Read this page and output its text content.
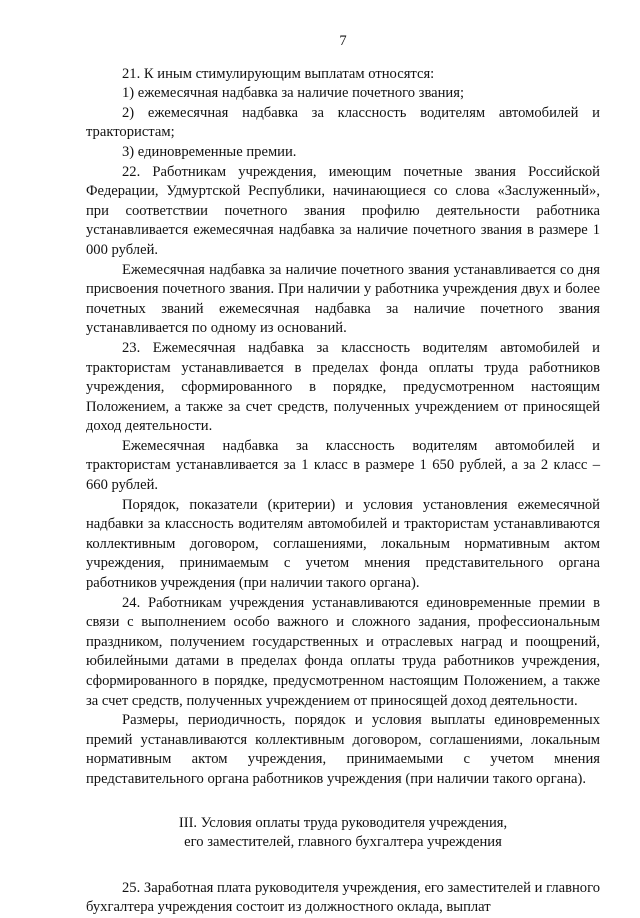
7

21. К иным стимулирующим выплатам относятся:

1) ежемесячная надбавка за наличие почетного звания;

2) ежемесячная надбавка за классность водителям автомобилей и трактористам;

3) единовременные премии.

22. Работникам учреждения, имеющим почетные звания Российской Федерации, Удмуртской Республики, начинающиеся со слова «Заслуженный», при соответствии почетного звания профилю деятельности работника устанавливается ежемесячная надбавка за наличие почетного звания в размере 1 000 рублей.

Ежемесячная надбавка за наличие почетного звания устанавливается со дня присвоения почетного звания. При наличии у работника учреждения двух и более почетных званий ежемесячная надбавка за наличие почетного звания устанавливается по одному из оснований.

23. Ежемесячная надбавка за классность водителям автомобилей и трактористам устанавливается в пределах фонда оплаты труда работников учреждения, сформированного в порядке, предусмотренном настоящим Положением, а также за счет средств, полученных учреждением от приносящей доход деятельности.

Ежемесячная надбавка за классность водителям автомобилей и трактористам устанавливается за 1 класс в размере 1 650 рублей, а за 2 класс – 660 рублей.

Порядок, показатели (критерии) и условия установления ежемесячной надбавки за классность водителям автомобилей и трактористам устанавливаются коллективным договором, соглашениями, локальным нормативным актом учреждения, принимаемым с учетом мнения представительного органа работников учреждения (при наличии такого органа).

24. Работникам учреждения устанавливаются единовременные премии в связи с выполнением особо важного и сложного задания, профессиональным праздником, получением государственных и отраслевых наград и поощрений, юбилейными датами в пределах фонда оплаты труда работников учреждения, сформированного в порядке, предусмотренном настоящим Положением, а также за счет средств, полученных учреждением от приносящей доход деятельности.

Размеры, периодичность, порядок и условия выплаты единовременных премий устанавливаются коллективным договором, соглашениями, локальным нормативным актом учреждения, принимаемыми с учетом мнения представительного органа работников учреждения (при наличии такого органа).

III. Условия оплаты труда руководителя учреждения,
его заместителей, главного бухгалтера учреждения

25. Заработная плата руководителя учреждения, его заместителей и главного бухгалтера учреждения состоит из должностного оклада, выплат
